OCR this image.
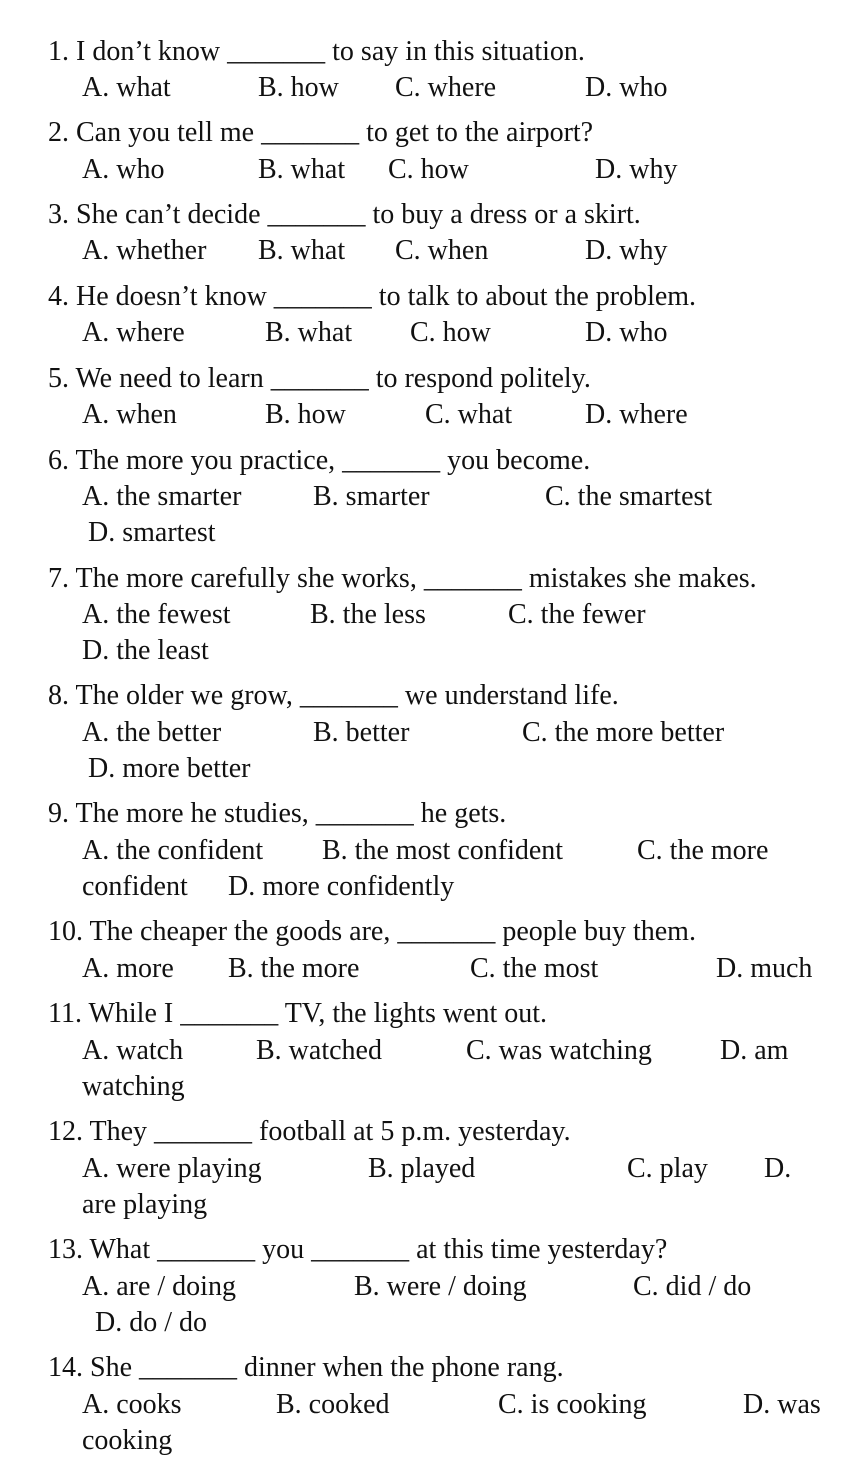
1. I don’t know _______ to say in this situation.
A. what	B. how C. where	D. who
2. Can you tell me _______ to get to the airport?
A. who	B. what C. how	D. why
3. She can’t decide _______ to buy a dress or a skirt.
A. whether B. what C. when	D. why
4. He doesn’t know _______ to talk to about the problem.
A. where	B. what C. how	D. who
5. We need to learn _______ to respond politely.
A. when	B. how	C. what	D. where
6. The more you practice, _______ you become.
A. the smarter	B. smarter	C. the smartest
D. smartest
7. The more carefully she works, _______ mistakes she makes.
A. the fewest	B. the less	C. the fewer
D. the least
8. The older we grow, _______ we understand life.
A. the better	B. better	C. the more better
D. more better
9. The more he studies, _______ he gets.
A. the confident B. the most confident	C. the more
confident D. more confidently
10. The cheaper the goods are, _______ people buy them.
A. more B. the more	C. the most	D. much
11. While I _______ TV, the lights went out.
A. watch	B. watched	C. was watching D. am
watching
12. They _______ football at 5 p.m. yesterday.
A. were playing	B. played	C. play D.
are playing
13. What _______ you _______ at this time yesterday?
A. are / doing	B. were / doing	C. did / do
D. do / do
14. She _______ dinner when the phone rang.
A. cooks	B. cooked	C. is cooking	D. was
cooking
